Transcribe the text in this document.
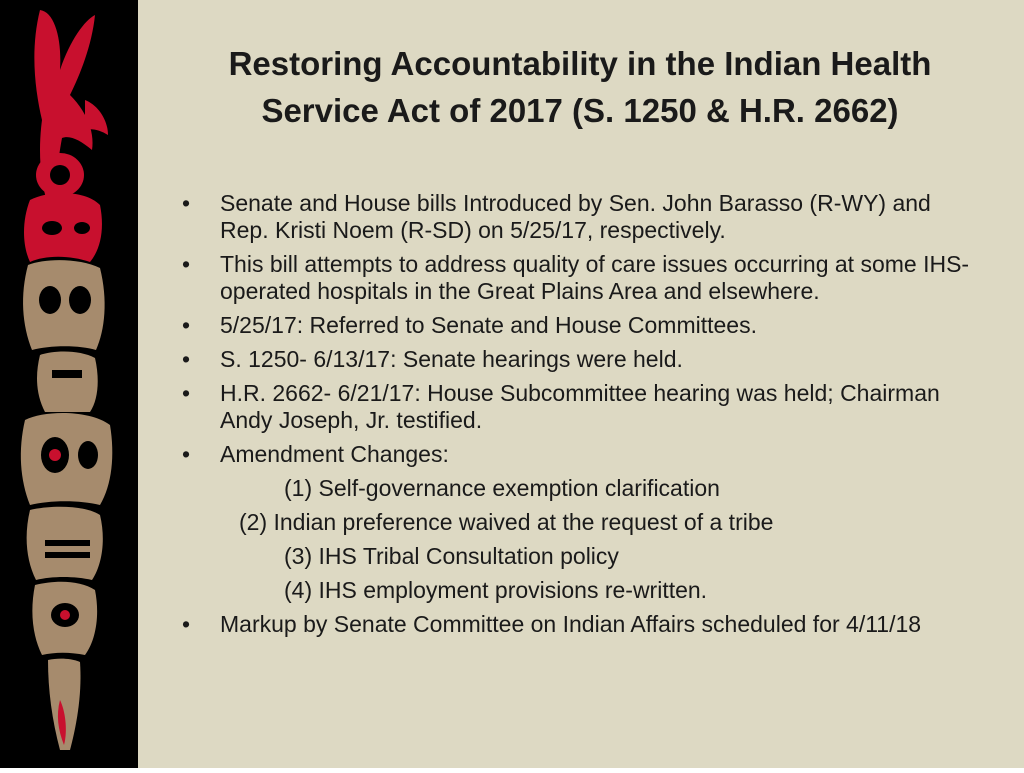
Restoring Accountability in the Indian Health
Service Act of 2017 (S. 1250 & H.R. 2662)
• Senate and House bills Introduced by Sen. John Barasso (R-WY) and Rep. Kristi Noem (R-SD) on 5/25/17, respectively.
• This bill attempts to address quality of care issues occurring at some IHS-operated hospitals in the Great Plains Area and elsewhere.
• 5/25/17: Referred to Senate and House Committees.
• S. 1250- 6/13/17: Senate hearings were held.
• H.R. 2662- 6/21/17: House Subcommittee hearing was held; Chairman Andy Joseph, Jr. testified.
• Amendment Changes:
(1) Self-governance exemption clarification
(2) Indian preference waived at the request of a tribe
(3) IHS Tribal Consultation policy
(4) IHS employment provisions re-written.
• Markup by Senate Committee on Indian Affairs scheduled for 4/11/18
